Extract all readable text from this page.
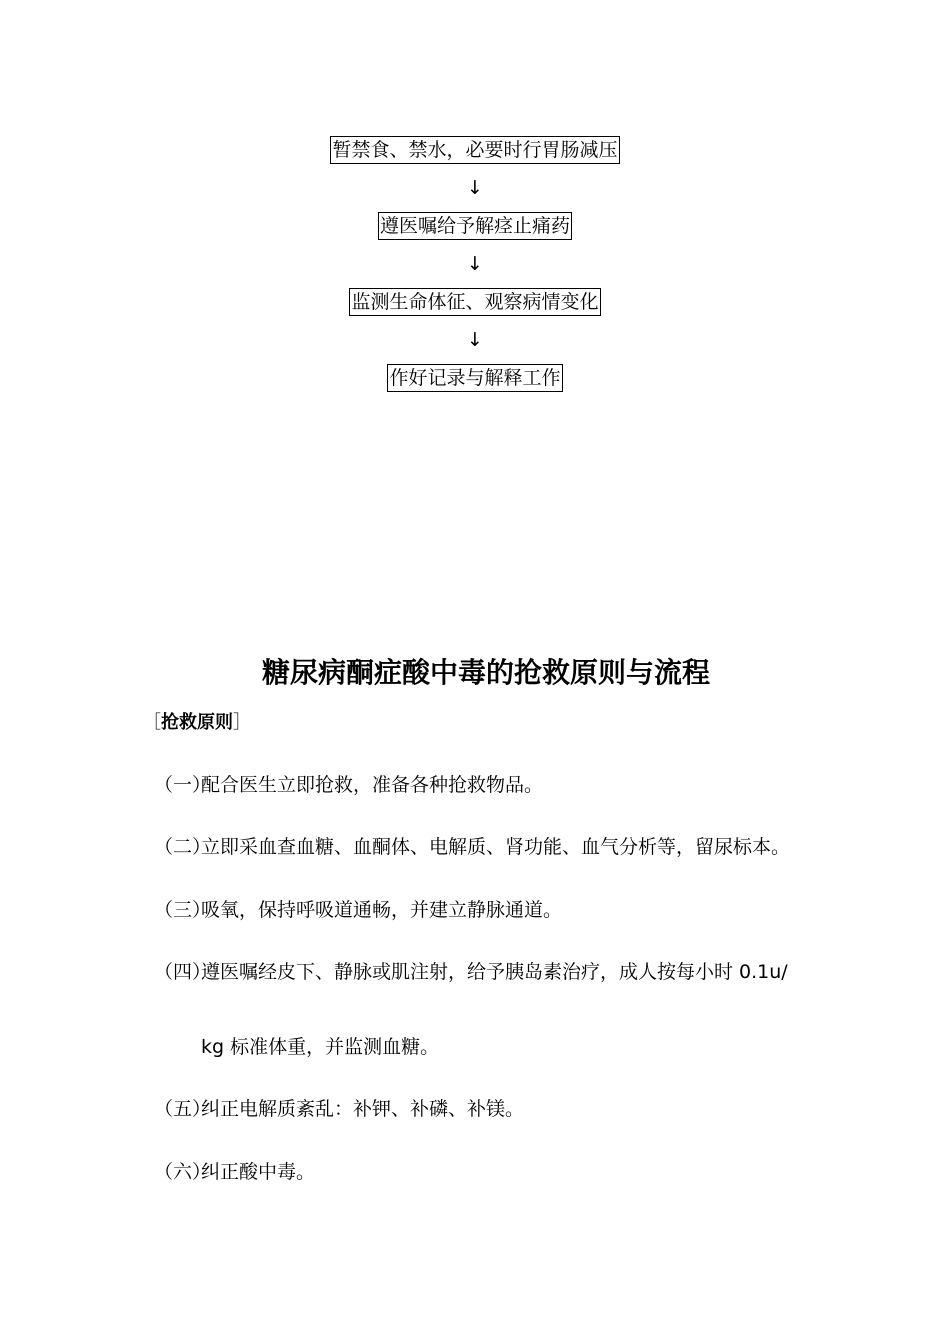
暂禁食、禁水，必要时行胃肠减压
↓
遵医嘱给予解痉止痛药
↓
监测生命体征、观察病情变化
↓
作好记录与解释工作
糖尿病酮症酸中毒的抢救原则与流程
［抢救原则］
（一）配合医生立即抢救，准备各种抢救物品。
（二）立即采血查血糖、血酮体、电解质、肾功能、血气分析等，留尿标本。
（三）吸氧，保持呼吸道通畅，并建立静脉通道。
（四）遵医嘱经皮下、静脉或肌注射，给予胰岛素治疗，成人按每小时 0.1u/
kg 标准体重，并监测血糖。
（五）纠正电解质紊乱：补钾、补磷、补镁。
（六）纠正酸中毒。
